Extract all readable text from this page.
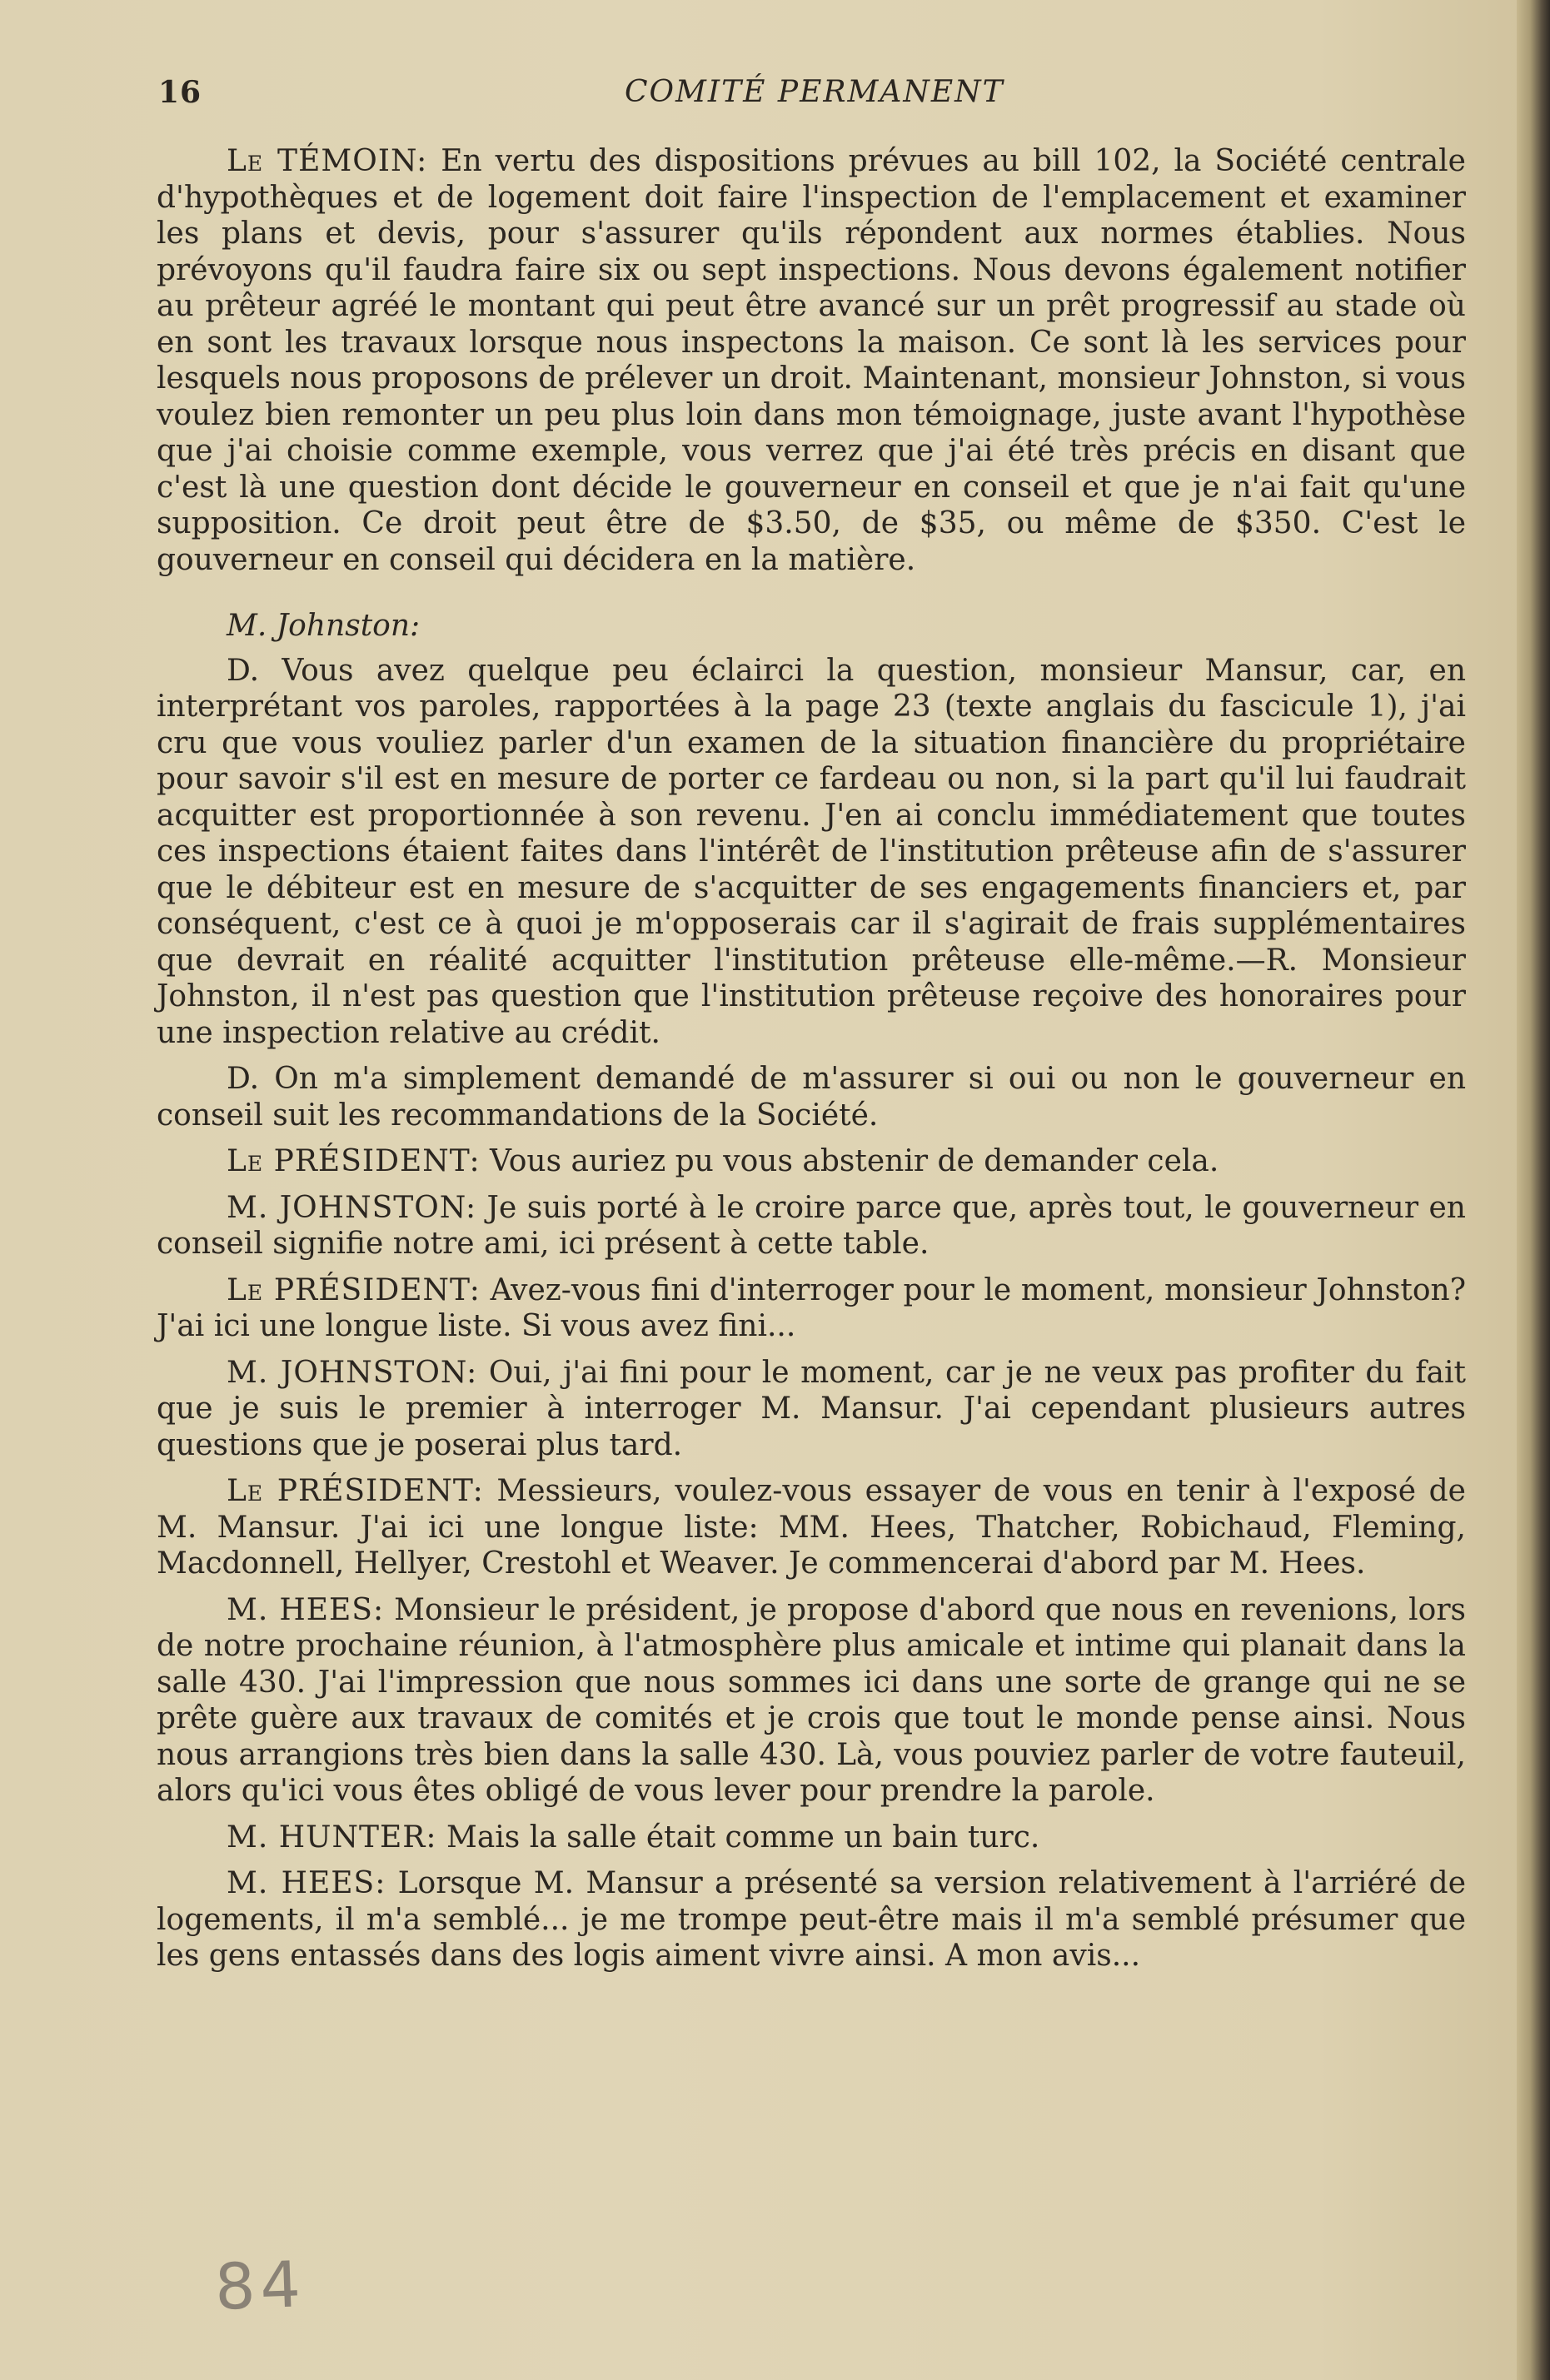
16	COMITÉ PERMANENT

Le TÉMOIN: En vertu des dispositions prévues au bill 102, la Société centrale d'hypothèques et de logement doit faire l'inspection de l'emplacement et examiner les plans et devis, pour s'assurer qu'ils répondent aux normes établies. Nous prévoyons qu'il faudra faire six ou sept inspections. Nous devons également notifier au prêteur agréé le montant qui peut être avancé sur un prêt progressif au stade où en sont les travaux lorsque nous inspectons la maison. Ce sont là les services pour lesquels nous proposons de prélever un droit. Maintenant, monsieur Johnston, si vous voulez bien remonter un peu plus loin dans mon témoignage, juste avant l'hypothèse que j'ai choisie comme exemple, vous verrez que j'ai été très précis en disant que c'est là une question dont décide le gouverneur en conseil et que je n'ai fait qu'une supposition. Ce droit peut être de $3.50, de $35, ou même de $350. C'est le gouverneur en conseil qui décidera en la matière.

M. Johnston:

D. Vous avez quelque peu éclairci la question, monsieur Mansur, car, en interprétant vos paroles, rapportées à la page 23 (texte anglais du fascicule 1), j'ai cru que vous vouliez parler d'un examen de la situation financière du propriétaire pour savoir s'il est en mesure de porter ce fardeau ou non, si la part qu'il lui faudrait acquitter est proportionnée à son revenu. J'en ai conclu immédiatement que toutes ces inspections étaient faites dans l'intérêt de l'institution prêteuse afin de s'assurer que le débiteur est en mesure de s'acquitter de ses engagements financiers et, par conséquent, c'est ce à quoi je m'opposerais car il s'agirait de frais supplémentaires que devrait en réalité acquitter l'institution prêteuse elle-même.—R. Monsieur Johnston, il n'est pas question que l'institution prêteuse reçoive des honoraires pour une inspection relative au crédit.

D. On m'a simplement demandé de m'assurer si oui ou non le gouverneur en conseil suit les recommandations de la Société.

Le PRÉSIDENT: Vous auriez pu vous abstenir de demander cela.

M. JOHNSTON: Je suis porté à le croire parce que, après tout, le gouverneur en conseil signifie notre ami, ici présent à cette table.

Le PRÉSIDENT: Avez-vous fini d'interroger pour le moment, monsieur Johnston? J'ai ici une longue liste. Si vous avez fini...

M. JOHNSTON: Oui, j'ai fini pour le moment, car je ne veux pas profiter du fait que je suis le premier à interroger M. Mansur. J'ai cependant plusieurs autres questions que je poserai plus tard.

Le PRÉSIDENT: Messieurs, voulez-vous essayer de vous en tenir à l'exposé de M. Mansur. J'ai ici une longue liste: MM. Hees, Thatcher, Robichaud, Fleming, Macdonnell, Hellyer, Crestohl et Weaver. Je commencerai d'abord par M. Hees.

M. HEES: Monsieur le président, je propose d'abord que nous en revenions, lors de notre prochaine réunion, à l'atmosphère plus amicale et intime qui planait dans la salle 430. J'ai l'impression que nous sommes ici dans une sorte de grange qui ne se prête guère aux travaux de comités et je crois que tout le monde pense ainsi. Nous nous arrangions très bien dans la salle 430. Là, vous pouviez parler de votre fauteuil, alors qu'ici vous êtes obligé de vous lever pour prendre la parole.

M. HUNTER: Mais la salle était comme un bain turc.

M. HEES: Lorsque M. Mansur a présenté sa version relativement à l'arriéré de logements, il m'a semblé... je me trompe peut-être mais il m'a semblé présumer que les gens entassés dans des logis aiment vivre ainsi. A mon avis...

84
